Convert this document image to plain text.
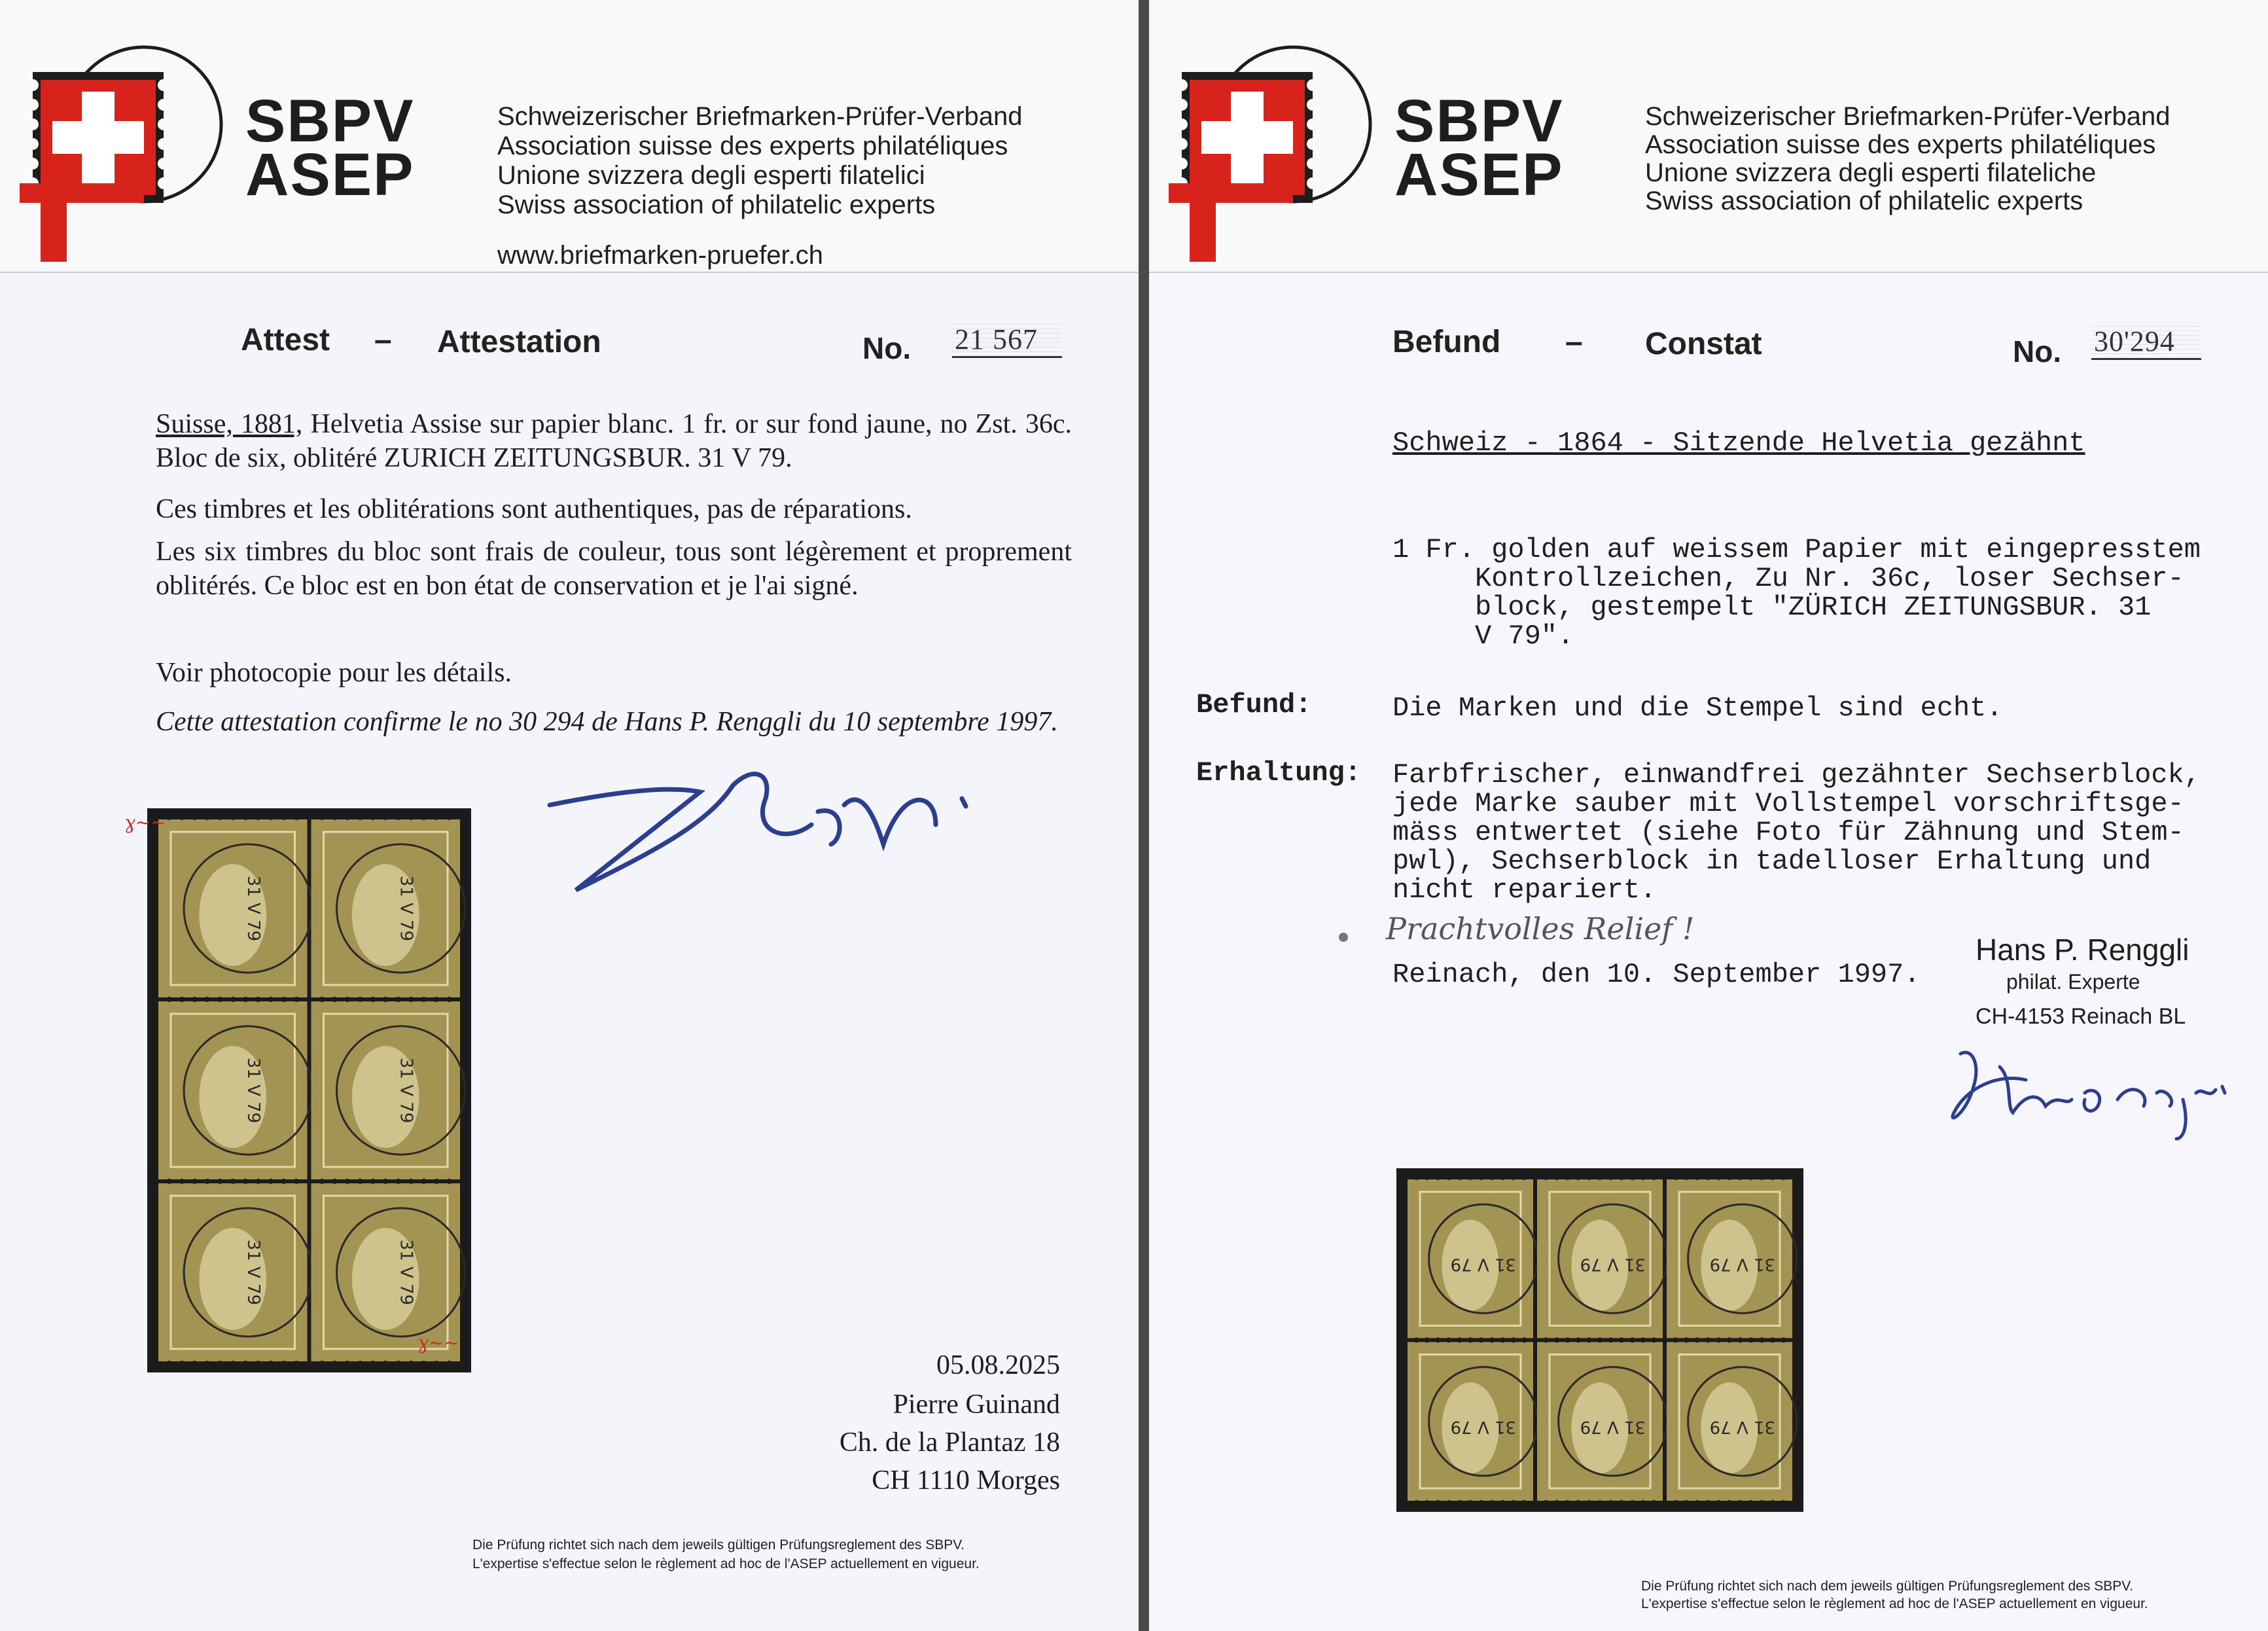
SBPV
ASEP
Schweizerischer Briefmarken-Prüfer-Verband
Association suisse des experts philatéliques
Unione svizzera degli esperti filatelici
Swiss association of philatelic experts
www.briefmarken-pruefer.ch
Attest – Attestation	No. 21 567
Suisse, 1881, Helvetia Assise sur papier blanc. 1 fr. or sur fond jaune, no Zst. 36c. Bloc de six, oblitéré ZURICH ZEITUNGSBUR. 31 V 79.
Ces timbres et les oblitérations sont authentiques, pas de réparations.
Les six timbres du bloc sont frais de couleur, tous sont légèrement et proprement oblitérés. Ce bloc est en bon état de conservation et je l'ai signé.
Voir photocopie pour les détails.
Cette attestation confirme le no 30 294 de Hans P. Renggli du 10 septembre 1997.
31 V 79	31 V 79
31 V 79	31 V 79
31 V 79	31 V 79
ɣ~~
ɣ~~
05.08.2025
Pierre Guinand
Ch. de la Plantaz 18
CH 1110 Morges
Die Prüfung richtet sich nach dem jeweils gültigen Prüfungsreglement des SBPV.
L'expertise s'effectue selon le règlement ad hoc de l'ASEP actuellement en vigueur.
SBPV
ASEP
Schweizerischer Briefmarken-Prüfer-Verband
Association suisse des experts philatéliques
Unione svizzera degli esperti filateliche
Swiss association of philatelic experts
Befund – Constat	No. 30'294
Schweiz - 1864 - Sitzende Helvetia gezähnt
1 Fr. golden auf weissem Papier mit eingepresstem
Kontrollzeichen, Zu Nr. 36c, loser Sechser-
block, gestempelt "ZÜRICH ZEITUNGSBUR. 31
V 79".
Befund:	Die Marken und die Stempel sind echt.
Erhaltung: Farbfrischer, einwandfrei gezähnter Sechserblock,
jede Marke sauber mit Vollstempel vorschriftsge-
mäss entwertet (siehe Foto für Zähnung und Stem-
pwl), Sechserblock in tadelloser Erhaltung und
nicht repariert.
Prachtvolles Relief !
Reinach, den 10. September 1997.
Hans P. Renggli
philat. Experte
CH-4153 Reinach BL
31 V 79	31 V 79	31 V 79
31 V 79	31 V 79	31 V 79
Die Prüfung richtet sich nach dem jeweils gültigen Prüfungsreglement des SBPV.
L'expertise s'effectue selon le règlement ad hoc de l'ASEP actuellement en vigueur.
